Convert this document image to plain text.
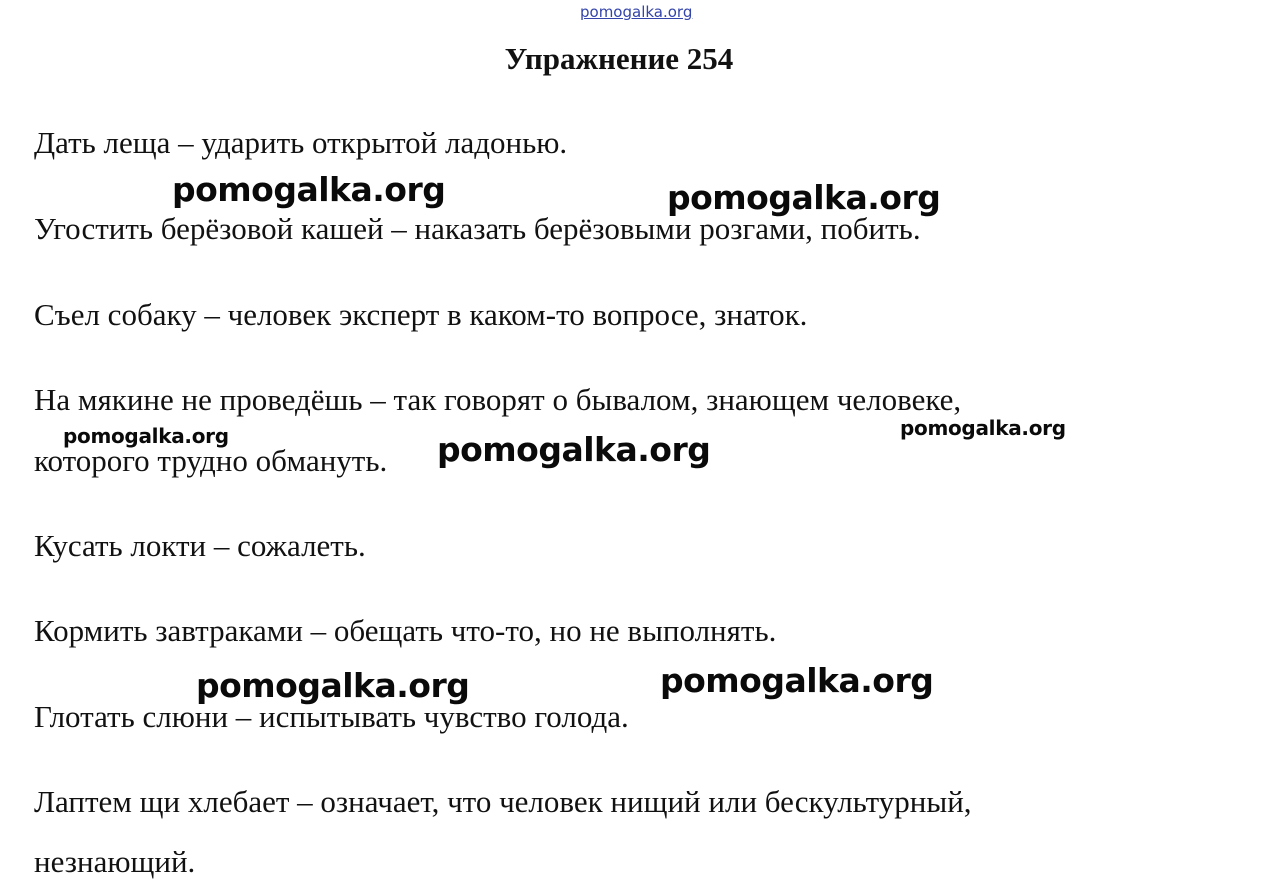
pomogalka.org
Упражнение 254
Дать леща – ударить открытой ладонью.
Угостить берёзовой кашей – наказать берёзовыми розгами, побить.
Съел собаку – человек эксперт в каком-то вопросе, знаток.
На мякине не проведёшь – так говорят о бывалом, знающем человеке,
которого трудно обмануть.
Кусать локти – сожалеть.
Кормить завтраками – обещать что-то, но не выполнять.
Глотать слюни – испытывать чувство голода.
Лаптем щи хлебает – означает, что человек нищий или бескультурный,
незнающий.
pomogalka.org	pomogalka.org
pomogalka.org	pomogalka.org
pomogalka.org
pomogalka.org	pomogalka.org
